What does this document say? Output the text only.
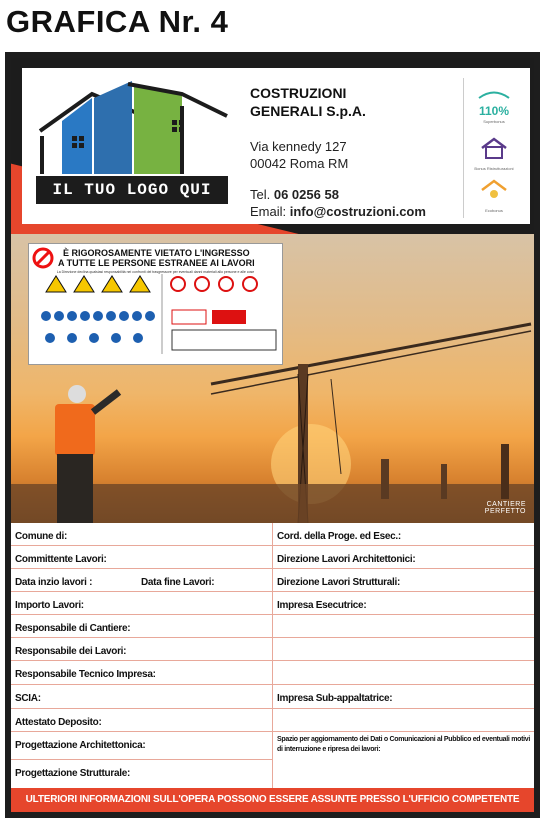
GRAFICA Nr. 4
IL TUO LOGO QUI
COSTRUZIONI
GENERALI S.p.A.
Via kennedy 127
00042 Roma RM
Tel. 06 0256 58
Email: info@costruzioni.com
110%
Superbonus
Bonus Ristrutturazioni
Ecobonus
È RIGOROSAMENTE VIETATO L'INGRESSO
A TUTTE LE PERSONE ESTRANEE AI LAVORI
La Direzione declina qualsiasi responsabilità nei confronti del trasgressore per eventuali danni materiali allo persone e alle cose
CANTIERE
PERFETTO
Comune di:	Cord. della Proge. ed Esec.:
Committente Lavori:	Direzione Lavori Architettonici:
Data inzio lavori :	Data fine Lavori:	Direzione Lavori Strutturali:
Importo Lavori:	Impresa Esecutrice:
Responsabile di Cantiere:
Responsabile dei Lavori:
Responsabile Tecnico Impresa:
SCIA:	Impresa Sub-appaltatrice:
Attestato Deposito:
Progettazione Architettonica:
Progettazione Strutturale:
Spazio per aggiornamento dei Dati o Comunicazioni al Pubblico ed eventuali motivi di interruzione e ripresa dei lavori:
ULTERIORI INFORMAZIONI SULL'OPERA POSSONO ESSERE ASSUNTE PRESSO L'UFFICIO COMPETENTE
